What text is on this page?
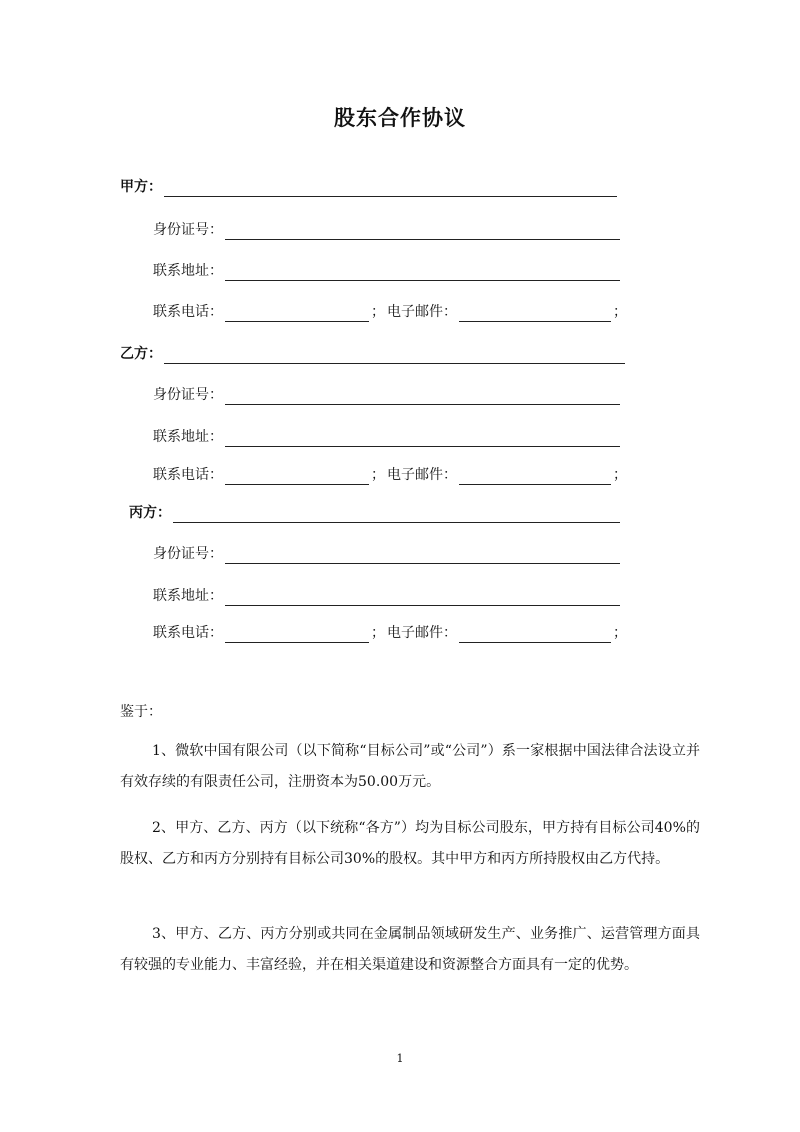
股东合作协议
甲方：
身份证号：
联系地址：
联系电话：	； 电子邮件：	；
乙方：
身份证号：
联系地址：
联系电话：	； 电子邮件：	；
丙方：
身份证号：
联系地址：
联系电话：	； 电子邮件：	；
鉴于：
1、微软中国有限公司（以下简称“目标公司”或“公司”）系一家根据中国法律合法设立并有效存续的有限责任公司，注册资本为50.00万元。
2、甲方、乙方、丙方（以下统称“各方”）均为目标公司股东，甲方持有目标公司40%的股权、乙方和丙方分别持有目标公司30%的股权。其中甲方和丙方所持股权由乙方代持。
3、甲方、乙方、丙方分别或共同在金属制品领域研发生产、业务推广、运营管理方面具有较强的专业能力、丰富经验，并在相关渠道建设和资源整合方面具有一定的优势。
1
